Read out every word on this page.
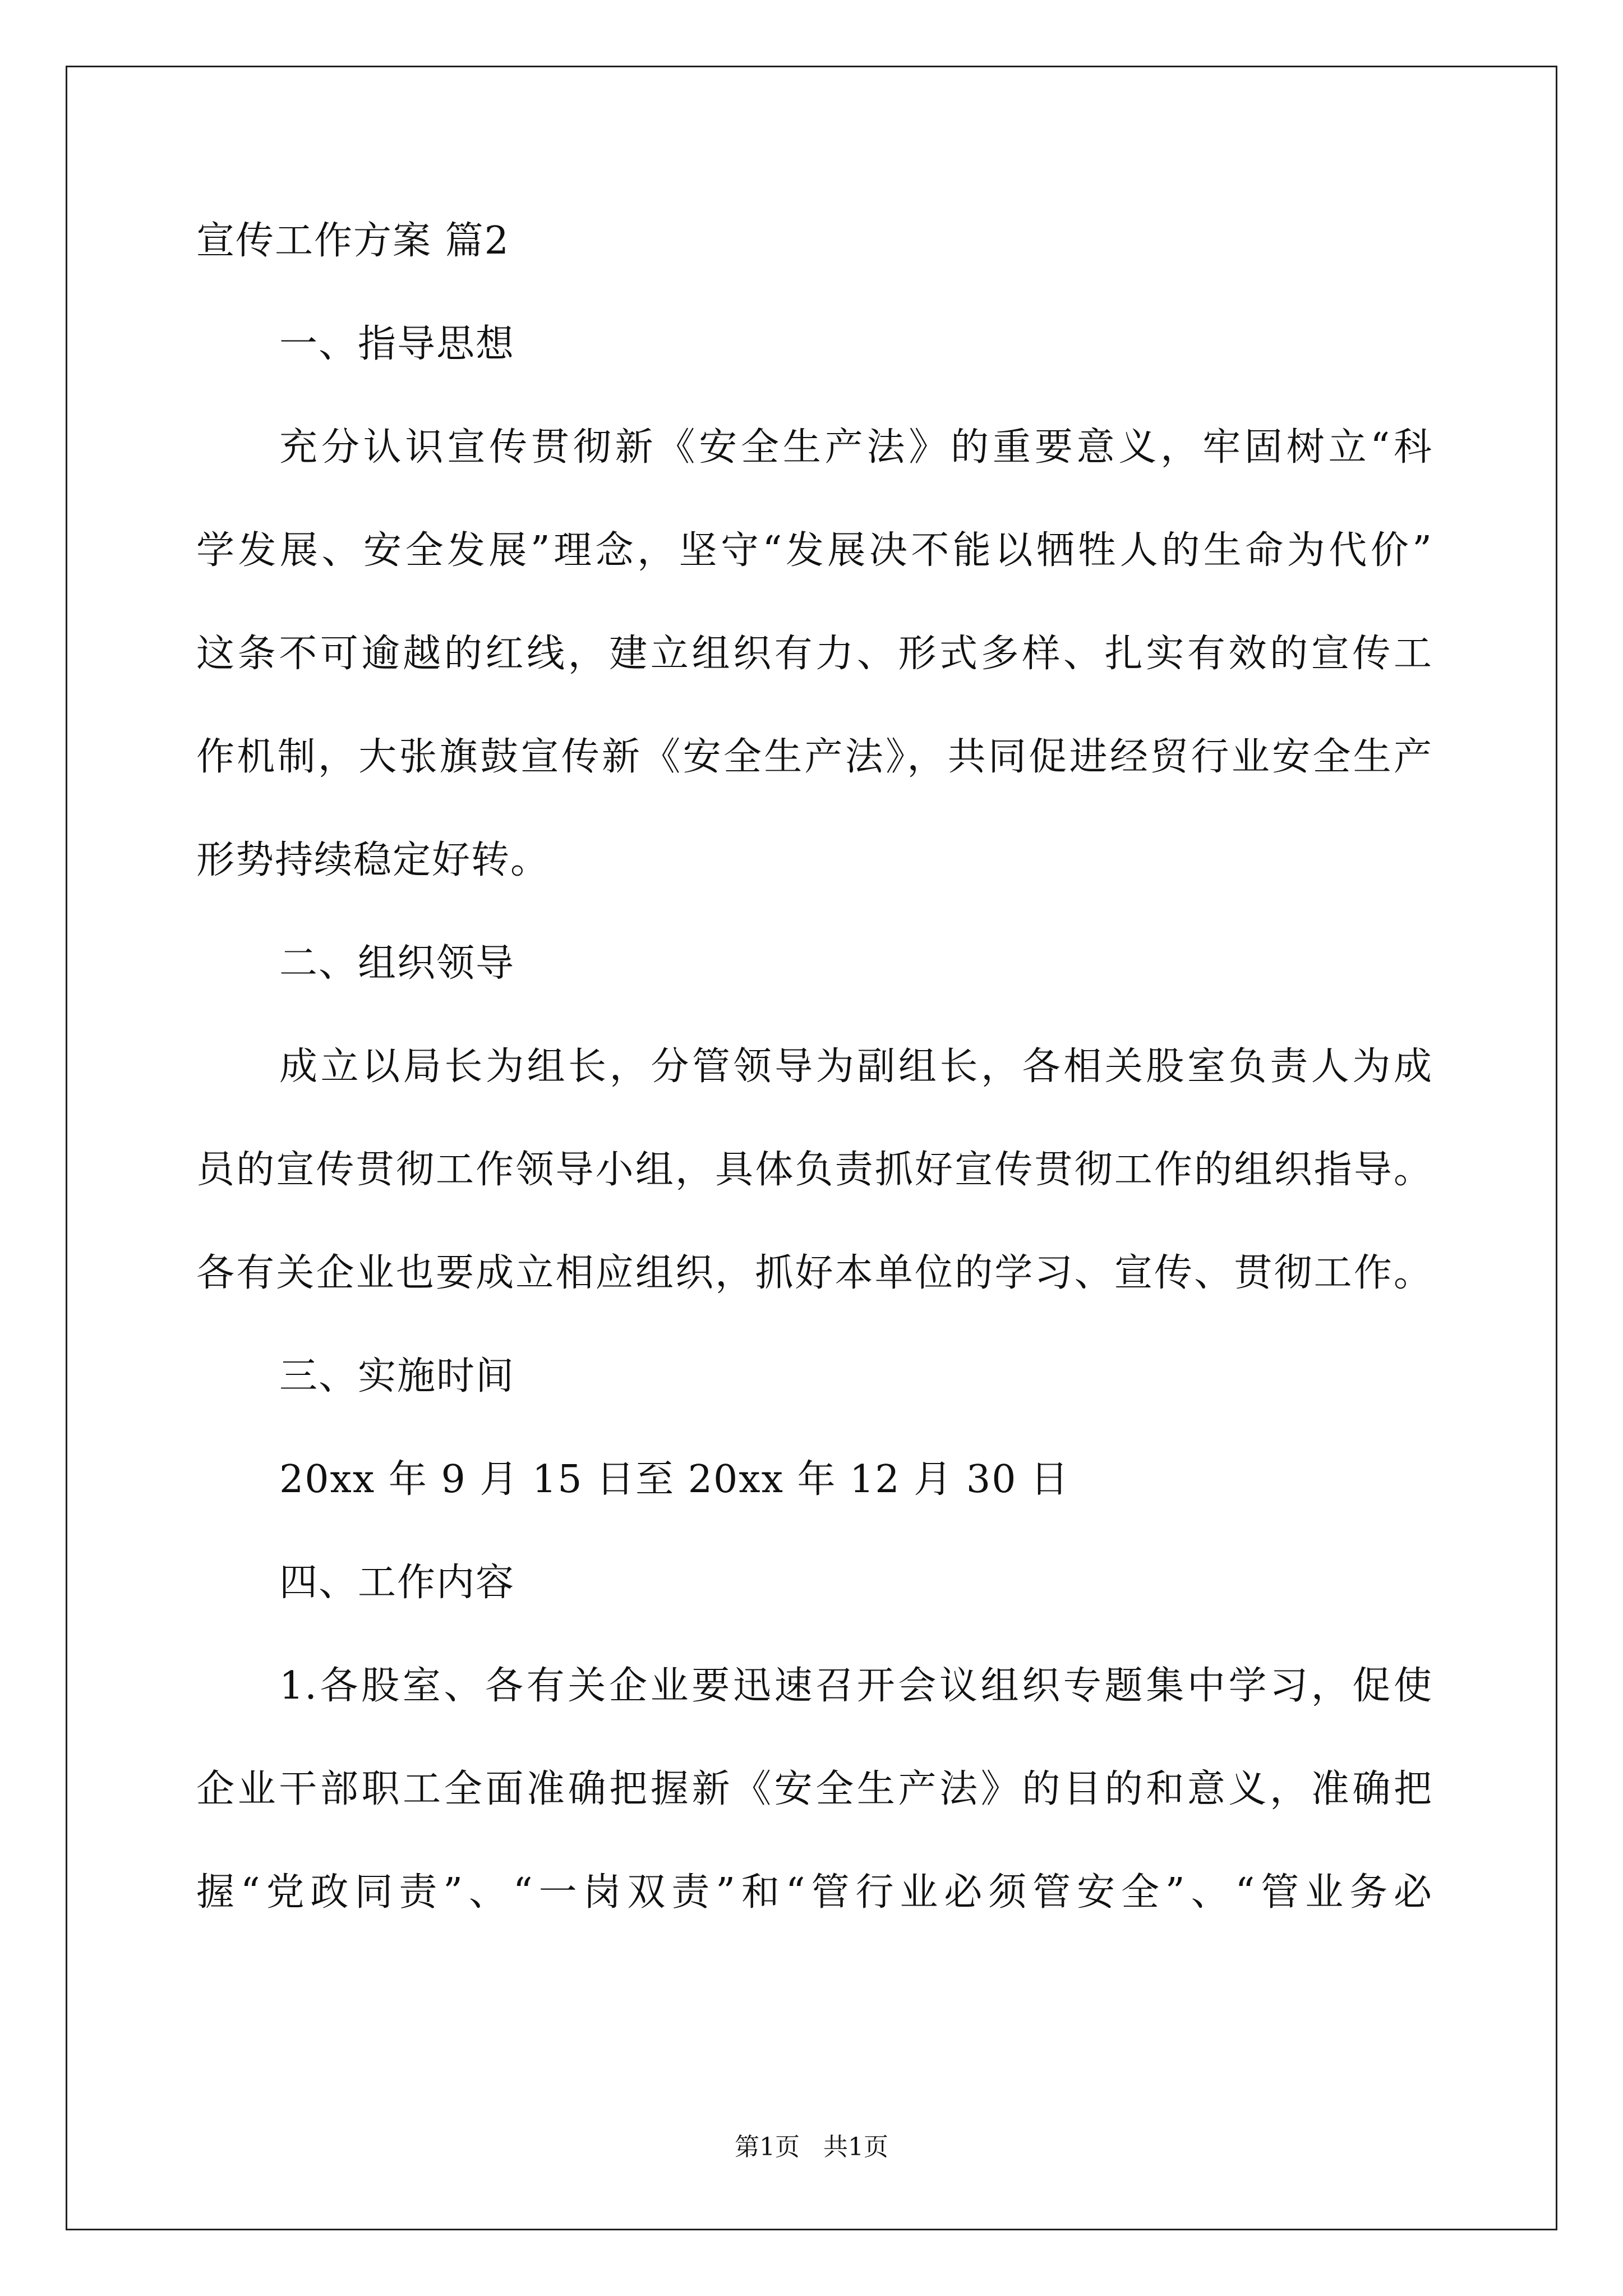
宣传工作方案 篇2
一、指导思想
充分认识宣传贯彻新《安全生产法》的重要意义，牢固树立“科
学发展、安全发展”理念，坚守“发展决不能以牺牲人的生命为代价”
这条不可逾越的红线，建立组织有力、形式多样、扎实有效的宣传工
作机制，大张旗鼓宣传新《安全生产法》，共同促进经贸行业安全生产
形势持续稳定好转。
二、组织领导
成立以局长为组长，分管领导为副组长，各相关股室负责人为成
员的宣传贯彻工作领导小组，具体负责抓好宣传贯彻工作的组织指导。
各有关企业也要成立相应组织，抓好本单位的学习、宣传、贯彻工作。
三、实施时间
20xx 年 9 月 15 日至 20xx 年 12 月 30 日
四、工作内容
1.各股室、各有关企业要迅速召开会议组织专题集中学习，促使
企业干部职工全面准确把握新《安全生产法》的目的和意义，准确把
握“党政同责”、“一岗双责”和“管行业必须管安全”、“管业务必
第1页   共1页
